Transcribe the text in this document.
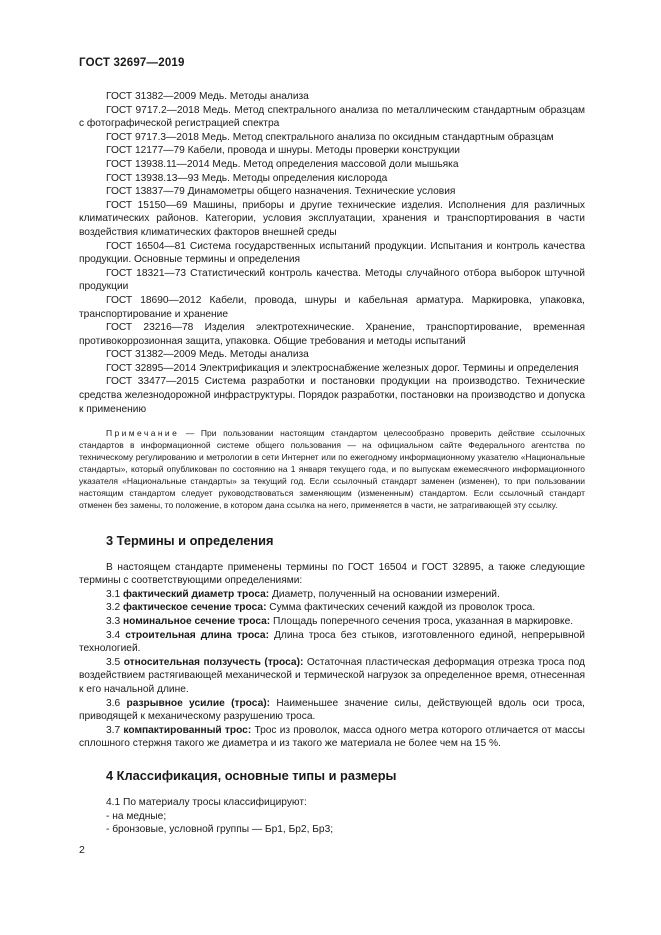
ГОСТ 32697—2019

ГОСТ 31382—2009 Медь. Методы анализа

ГОСТ 9717.2—2018 Медь. Метод спектрального анализа по металлическим стандартным образцам с фотографической регистрацией спектра

ГОСТ 9717.3—2018 Медь. Метод спектрального анализа по оксидным стандартным образцам

ГОСТ 12177—79 Кабели, провода и шнуры. Методы проверки конструкции

ГОСТ 13938.11—2014 Медь. Метод определения массовой доли мышьяка

ГОСТ 13938.13—93 Медь. Методы определения кислорода

ГОСТ 13837—79 Динамометры общего назначения. Технические условия

ГОСТ 15150—69 Машины, приборы и другие технические изделия. Исполнения для различных климатических районов. Категории, условия эксплуатации, хранения и транспортирования в части воздействия климатических факторов внешней среды

ГОСТ 16504—81 Система государственных испытаний продукции. Испытания и контроль качества продукции. Основные термины и определения

ГОСТ 18321—73 Статистический контроль качества. Методы случайного отбора выборок штучной продукции

ГОСТ 18690—2012 Кабели, провода, шнуры и кабельная арматура. Маркировка, упаковка, транспортирование и хранение

ГОСТ 23216—78 Изделия электротехнические. Хранение, транспортирование, временная противокоррозионная защита, упаковка. Общие требования и методы испытаний

ГОСТ 31382—2009 Медь. Методы анализа

ГОСТ 32895—2014 Электрификация и электроснабжение железных дорог. Термины и определения

ГОСТ 33477—2015 Система разработки и постановки продукции на производство. Технические средства железнодорожной инфраструктуры. Порядок разработки, постановки на производство и допуска к применению

Примечание — При пользовании настоящим стандартом целесообразно проверить действие ссылочных стандартов в информационной системе общего пользования — на официальном сайте Федерального агентства по техническому регулированию и метрологии в сети Интернет или по ежегодному информационному указателю «Национальные стандарты», который опубликован по состоянию на 1 января текущего года, и по выпускам ежемесячного информационного указателя «Национальные стандарты» за текущий год. Если ссылочный стандарт заменен (изменен), то при пользовании настоящим стандартом следует руководствоваться заменяющим (измененным) стандартом. Если ссылочный стандарт отменен без замены, то положение, в котором дана ссылка на него, применяется в части, не затрагивающей эту ссылку.

3 Термины и определения

В настоящем стандарте применены термины по ГОСТ 16504 и ГОСТ 32895, а также следующие термины с соответствующими определениями:

3.1 фактический диаметр троса: Диаметр, полученный на основании измерений.

3.2 фактическое сечение троса: Сумма фактических сечений каждой из проволок троса.

3.3 номинальное сечение троса: Площадь поперечного сечения троса, указанная в маркировке.

3.4 строительная длина троса: Длина троса без стыков, изготовленного единой, непрерывной технологией.

3.5 относительная ползучесть (троса): Остаточная пластическая деформация отрезка троса под воздействием растягивающей механической и термической нагрузок за определенное время, отнесенная к его начальной длине.

3.6 разрывное усилие (троса): Наименьшее значение силы, действующей вдоль оси троса, приводящей к механическому разрушению троса.

3.7 компактированный трос: Трос из проволок, масса одного метра которого отличается от массы сплошного стержня такого же диаметра и из такого же материала не более чем на 15 %.

4 Классификация, основные типы и размеры

4.1 По материалу тросы классифицируют:

- на медные;

- бронзовые, условной группы — Бр1, Бр2, Бр3;

2
